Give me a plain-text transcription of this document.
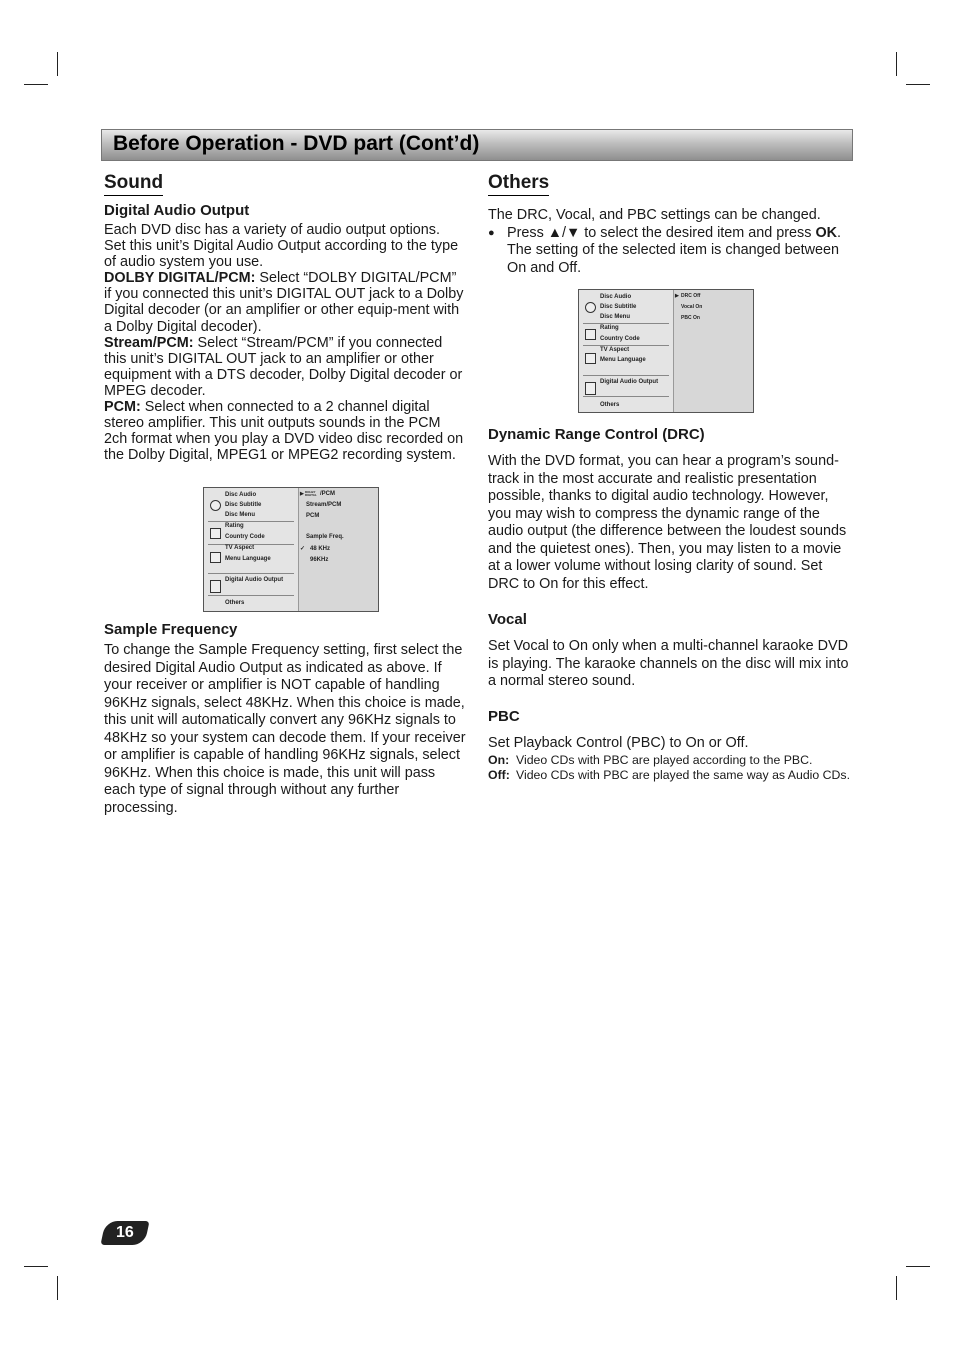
Before Operation - DVD part (Cont’d)
Sound
Digital Audio Output

Each DVD disc has a variety of audio output options. Set this unit’s Digital Audio Output according to the type of audio system you use.

DOLBY DIGITAL/PCM: Select “DOLBY DIGITAL/PCM” if you connected this unit’s DIGITAL OUT jack to a Dolby Digital decoder (or an amplifier or other equip-ment with a Dolby Digital decoder).

Stream/PCM: Select “Stream/PCM” if you connected this unit’s DIGITAL OUT jack to an amplifier or other equipment with a DTS decoder, Dolby Digital decoder or MPEG decoder.

PCM: Select when connected to a 2 channel digital stereo amplifier. This unit outputs sounds in the PCM 2ch format when you play a DVD video disc recorded on the Dolby Digital, MPEG1 or MPEG2 recording system.

Disc Audio
Disc Subtitle
Disc Menu
Rating
Country Code
TV Aspect
Menu Language
Digital Audio Output
Others
▶ DOLBY DIGITAL /PCM
Stream/PCM
PCM
Sample Freq.
✓ 48 KHz
96KHz
Sample Frequency

To change the Sample Frequency setting, first select the desired Digital Audio Output as indicated as above. If your receiver or amplifier is NOT capable of handling 96KHz signals, select 48KHz. When this choice is made, this unit will automatically convert any 96KHz signals to 48KHz so your system can decode them. If your receiver or amplifier is capable of handling 96KHz signals, select 96KHz. When this choice is made, this unit will pass each type of signal through without any further processing.

Others

The DRC, Vocal, and PBC settings can be changed.

● Press ▲/▼ to select the desired item and press OK. The setting of the selected item is changed between On and Off.

Disc Audio
Disc Subtitle
Disc Menu
Rating
Country Code
TV Aspect
Menu Language
Digital Audio Output
Others
▶ DRC Off
Vocal On
PBC On
Dynamic Range Control (DRC)

With the DVD format, you can hear a program’s sound-track in the most accurate and realistic presentation possible, thanks to digital audio technology. However, you may wish to compress the dynamic range of the audio output (the difference between the loudest sounds and the quietest ones). Then, you may listen to a movie at a lower volume without losing clarity of sound. Set DRC to On for this effect.

Vocal

Set Vocal to On only when a multi-channel karaoke DVD is playing. The karaoke channels on the disc will mix into a normal stereo sound.

PBC

Set Playback Control (PBC) to On or Off.

On: Video CDs with PBC are played according to the PBC.
Off: Video CDs with PBC are played the same way as Audio CDs.
16
